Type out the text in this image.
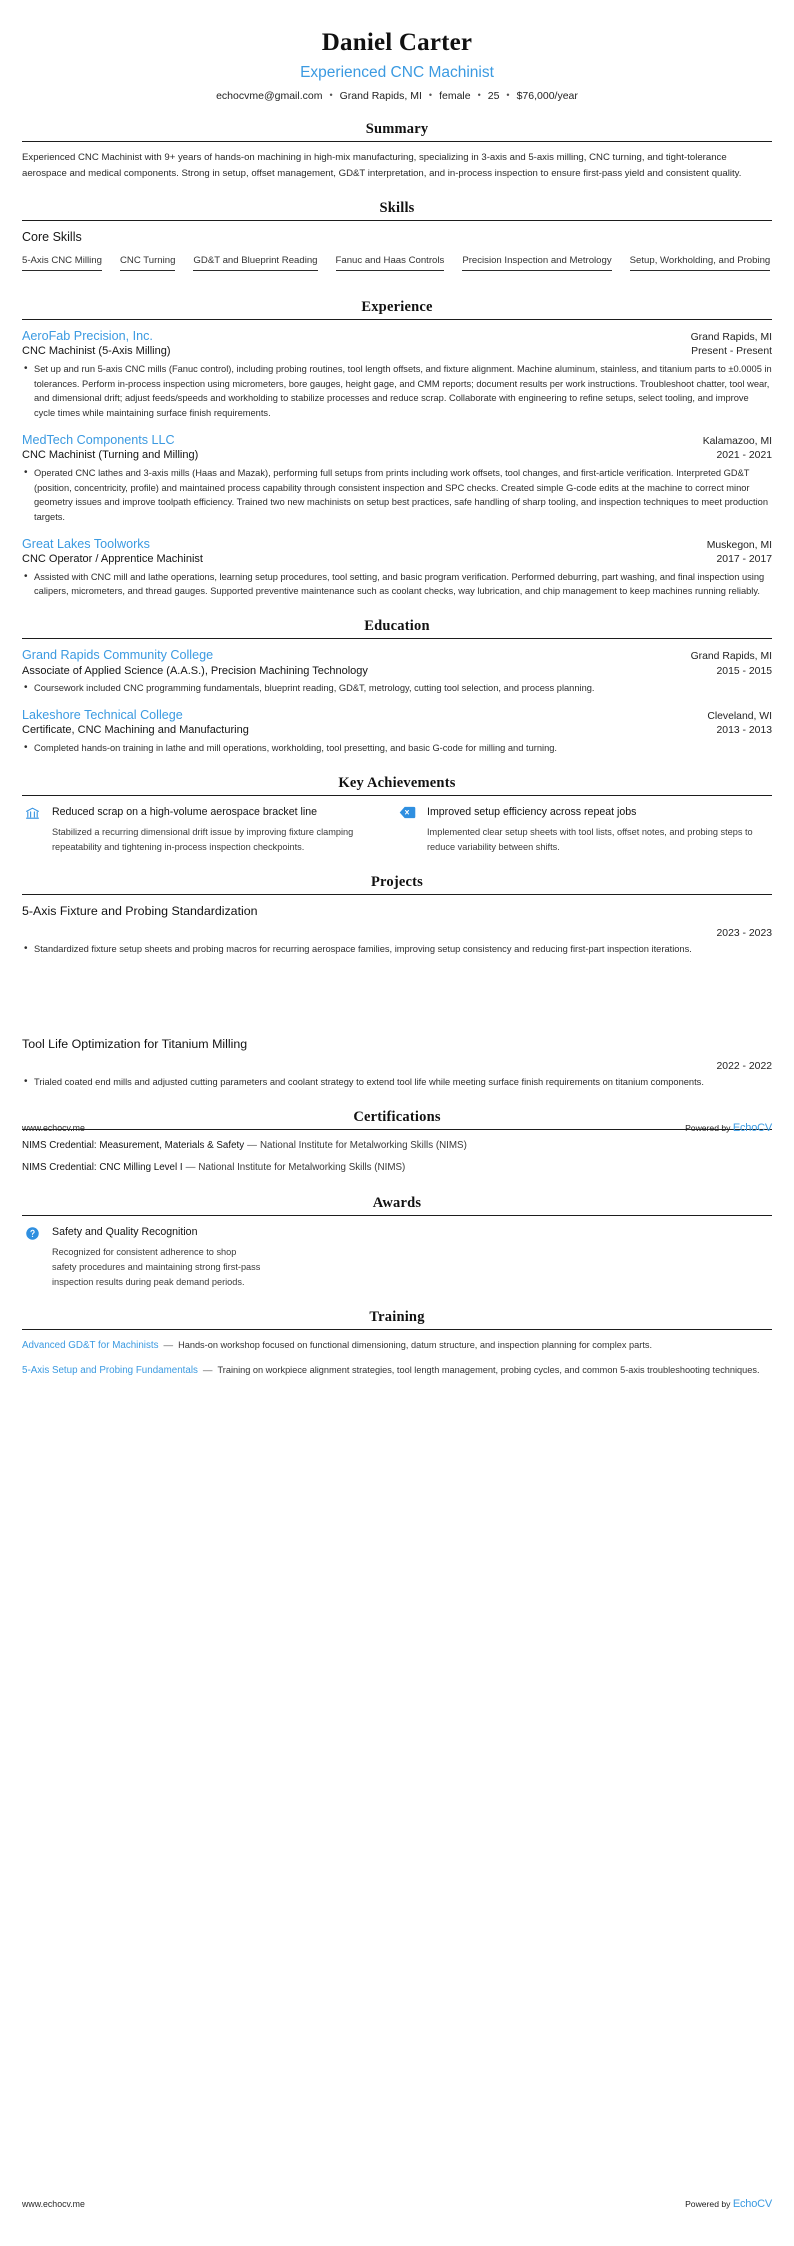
Daniel Carter
Experienced CNC Machinist
echocvme@gmail.com • Grand Rapids, MI • female • 25 • $76,000/year
Summary
Experienced CNC Machinist with 9+ years of hands-on machining in high-mix manufacturing, specializing in 3-axis and 5-axis milling, CNC turning, and tight-tolerance aerospace and medical components. Strong in setup, offset management, GD&T interpretation, and in-process inspection to ensure first-pass yield and consistent quality.
Skills
Core Skills
5-Axis CNC Milling CNC Turning GD&T and Blueprint Reading Fanuc and Haas Controls Precision Inspection and Metrology Setup, Workholding, and Probing
Experience
AeroFab Precision, Inc.	Grand Rapids, MI
CNC Machinist (5-Axis Milling)	Present - Present
• Set up and run 5-axis CNC mills (Fanuc control), including probing routines, tool length offsets, and fixture alignment. Machine aluminum, stainless, and titanium parts to ±0.0005 in tolerances. Perform in-process inspection using micrometers, bore gauges, height gage, and CMM reports; document results per work instructions. Troubleshoot chatter, tool wear, and dimensional drift; adjust feeds/speeds and workholding to stabilize processes and reduce scrap. Collaborate with engineering to refine setups, select tooling, and improve cycle times while maintaining surface finish requirements.
MedTech Components LLC	Kalamazoo, MI
CNC Machinist (Turning and Milling)	2021 - 2021
• Operated CNC lathes and 3-axis mills (Haas and Mazak), performing full setups from prints including work offsets, tool changes, and first-article verification. Interpreted GD&T (position, concentricity, profile) and maintained process capability through consistent inspection and SPC checks. Created simple G-code edits at the machine to correct minor geometry issues and improve toolpath efficiency. Trained two new machinists on setup best practices, safe handling of sharp tooling, and inspection techniques to meet production targets.
Great Lakes Toolworks	Muskegon, MI
CNC Operator / Apprentice Machinist	2017 - 2017
• Assisted with CNC mill and lathe operations, learning setup procedures, tool setting, and basic program verification. Performed deburring, part washing, and final inspection using calipers, micrometers, and thread gauges. Supported preventive maintenance such as coolant checks, way lubrication, and chip management to keep machines running reliably.
Education
Grand Rapids Community College	Grand Rapids, MI
Associate of Applied Science (A.A.S.), Precision Machining Technology	2015 - 2015
• Coursework included CNC programming fundamentals, blueprint reading, GD&T, metrology, cutting tool selection, and process planning.
Lakeshore Technical College	Cleveland, WI
Certificate, CNC Machining and Manufacturing	2013 - 2013
• Completed hands-on training in lathe and mill operations, workholding, tool presetting, and basic G-code for milling and turning.
Key Achievements
Reduced scrap on a high-volume aerospace bracket line
Stabilized a recurring dimensional drift issue by improving fixture clamping repeatability and tightening in-process inspection checkpoints.
Improved setup efficiency across repeat jobs
Implemented clear setup sheets with tool lists, offset notes, and probing steps to reduce variability between shifts.
Projects
5-Axis Fixture and Probing Standardization
2023 - 2023
• Standardized fixture setup sheets and probing macros for recurring aerospace families, improving setup consistency and reducing first-part inspection iterations.
www.echocv.me	Powered by EchoCV
Tool Life Optimization for Titanium Milling
2022 - 2022
• Trialed coated end mills and adjusted cutting parameters and coolant strategy to extend tool life while meeting surface finish requirements on titanium components.
Certifications
NIMS Credential: Measurement, Materials & Safety — National Institute for Metalworking Skills (NIMS)
NIMS Credential: CNC Milling Level I — National Institute for Metalworking Skills (NIMS)
Awards
Safety and Quality Recognition
Recognized for consistent adherence to shop safety procedures and maintaining strong first-pass inspection results during peak demand periods.
Training
Advanced GD&T for Machinists — Hands-on workshop focused on functional dimensioning, datum structure, and inspection planning for complex parts.
5-Axis Setup and Probing Fundamentals — Training on workpiece alignment strategies, tool length management, probing cycles, and common 5-axis troubleshooting techniques.
www.echocv.me	Powered by EchoCV
